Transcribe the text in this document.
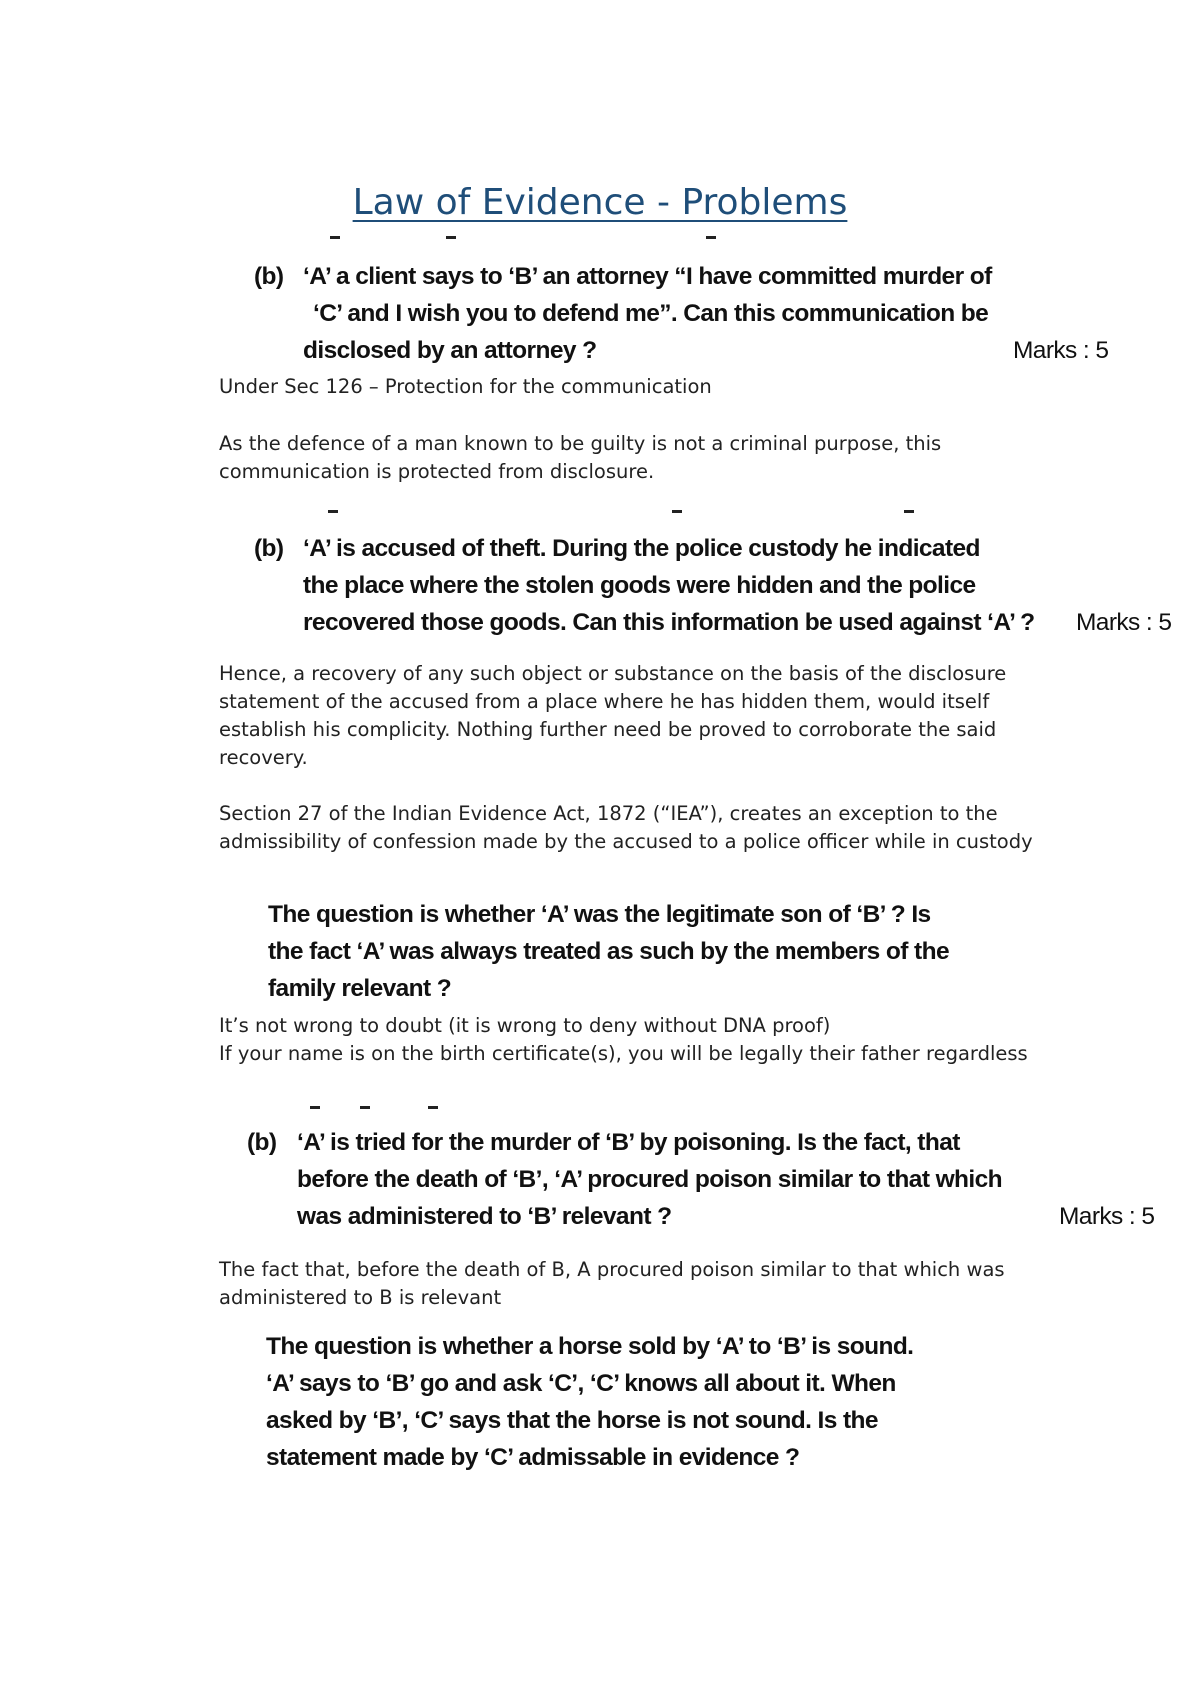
Law of Evidence - Problems
(b) ‘A’ a client says to ‘B’ an attorney “I have committed murder of
‘C’ and I wish you to defend me”. Can this communication be
disclosed by an attorney ?	Marks : 5
Under Sec 126 – Protection for the communication
As the defence of a man known to be guilty is not a criminal purpose, this communication is protected from disclosure.
(b) ‘A’ is accused of theft. During the police custody he indicated
the place where the stolen goods were hidden and the police
recovered those goods. Can this information be used against ‘A’ ? Marks : 5
Hence, a recovery of any such object or substance on the basis of the disclosure statement of the accused from a place where he has hidden them, would itself establish his complicity. Nothing further need be proved to corroborate the said recovery.
Section 27 of the Indian Evidence Act, 1872 (“IEA”), creates an exception to the admissibility of confession made by the accused to a police officer while in custody
The question is whether ‘A’ was the legitimate son of ‘B’ ? Is
the fact ‘A’ was always treated as such by the members of the
family relevant ?
It’s not wrong to doubt (it is wrong to deny without DNA proof)
If your name is on the birth certificate(s), you will be legally their father regardless
(b) ‘A’ is tried for the murder of ‘B’ by poisoning. Is the fact, that
before the death of ‘B’, ‘A’ procured poison similar to that which
was administered to ‘B’ relevant ?	Marks : 5
The fact that, before the death of B, A procured poison similar to that which was administered to B is relevant
The question is whether a horse sold by ‘A’ to ‘B’ is sound.
‘A’ says to ‘B’ go and ask ‘C’, ‘C’ knows all about it. When
asked by ‘B’, ‘C’ says that the horse is not sound. Is the
statement made by ‘C’ admissable in evidence ?
